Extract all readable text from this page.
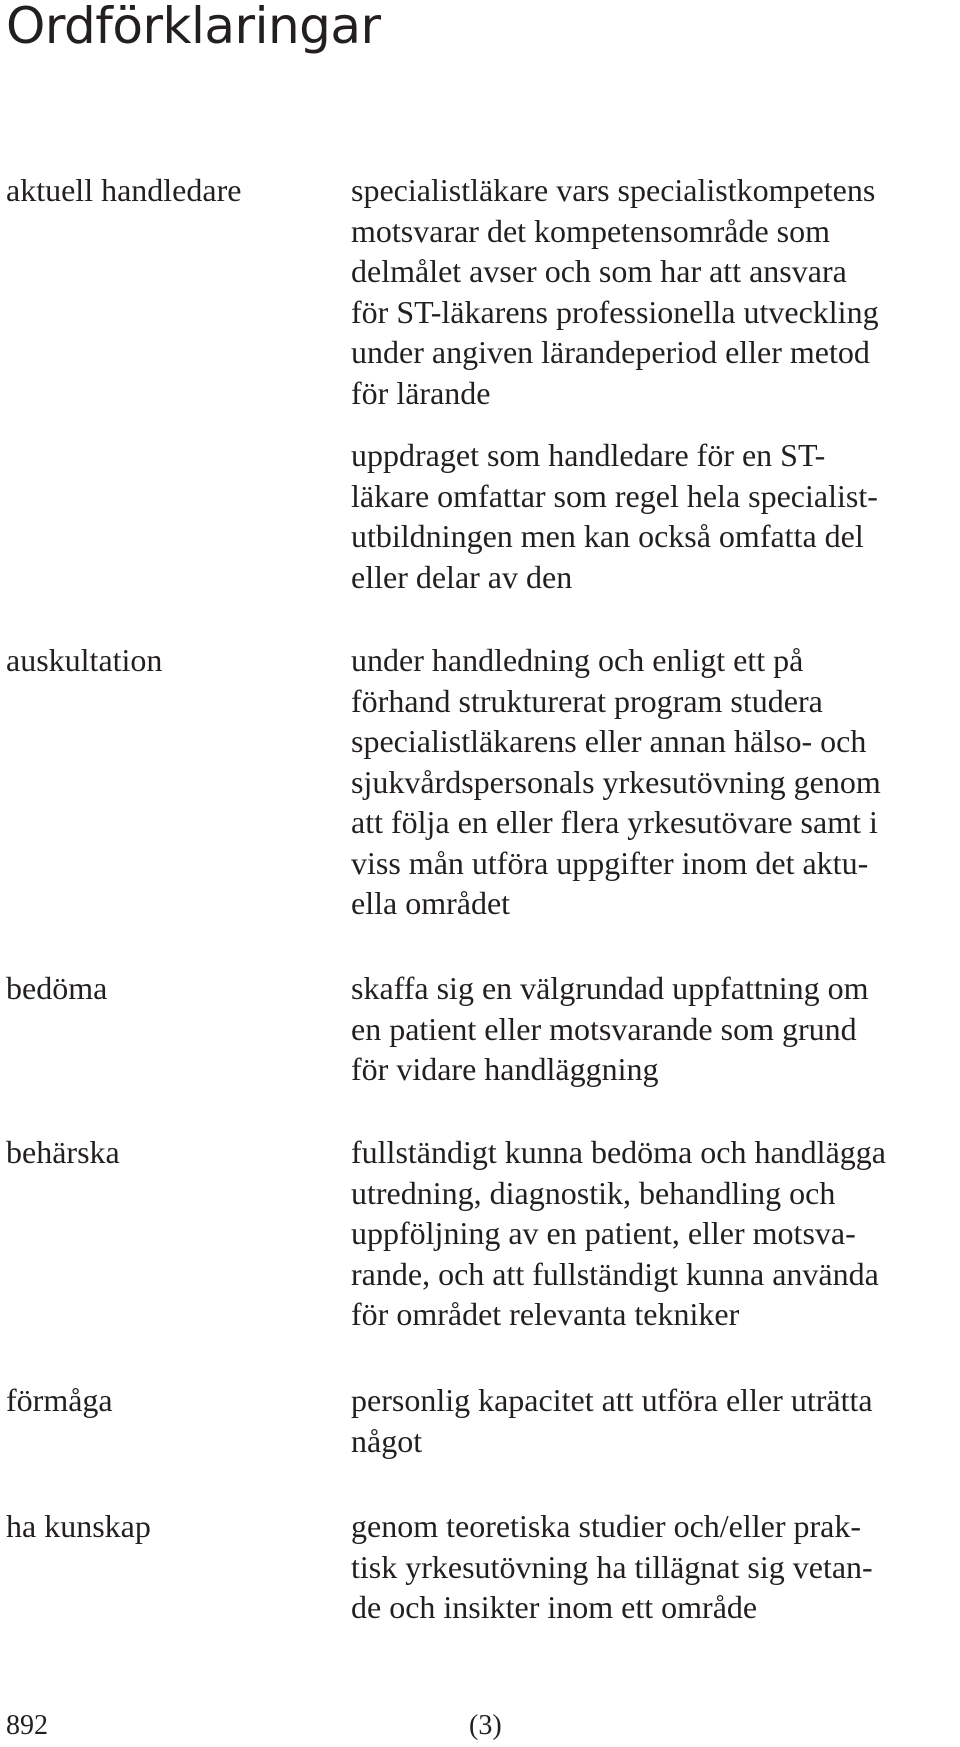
Ordförklaringar
aktuell handledare	specialistläkare vars specialistkompetens
motsvarar det kompetensområde som
delmålet avser och som har att ansvara
för ST-läkarens professionella utveckling
under angiven lärandeperiod eller metod
för lärande
uppdraget som handledare för en ST-
läkare omfattar som regel hela specialist-
utbildningen men kan också omfatta del
eller delar av den
auskultation	under handledning och enligt ett på
förhand strukturerat program studera
specialistläkarens eller annan hälso- och
sjukvårdspersonals yrkesutövning genom
att följa en eller flera yrkesutövare samt i
viss mån utföra uppgifter inom det aktu-
ella området
bedöma	skaffa sig en välgrundad uppfattning om
en patient eller motsvarande som grund
för vidare handläggning
behärska	fullständigt kunna bedöma och handlägga
utredning, diagnostik, behandling och
uppföljning av en patient, eller motsva-
rande, och att fullständigt kunna använda
för området relevanta tekniker
förmåga	personlig kapacitet att utföra eller uträtta
något
ha kunskap	genom teoretiska studier och/eller prak-
tisk yrkesutövning ha tillägnat sig vetan-
de och insikter inom ett område
892	(3)
